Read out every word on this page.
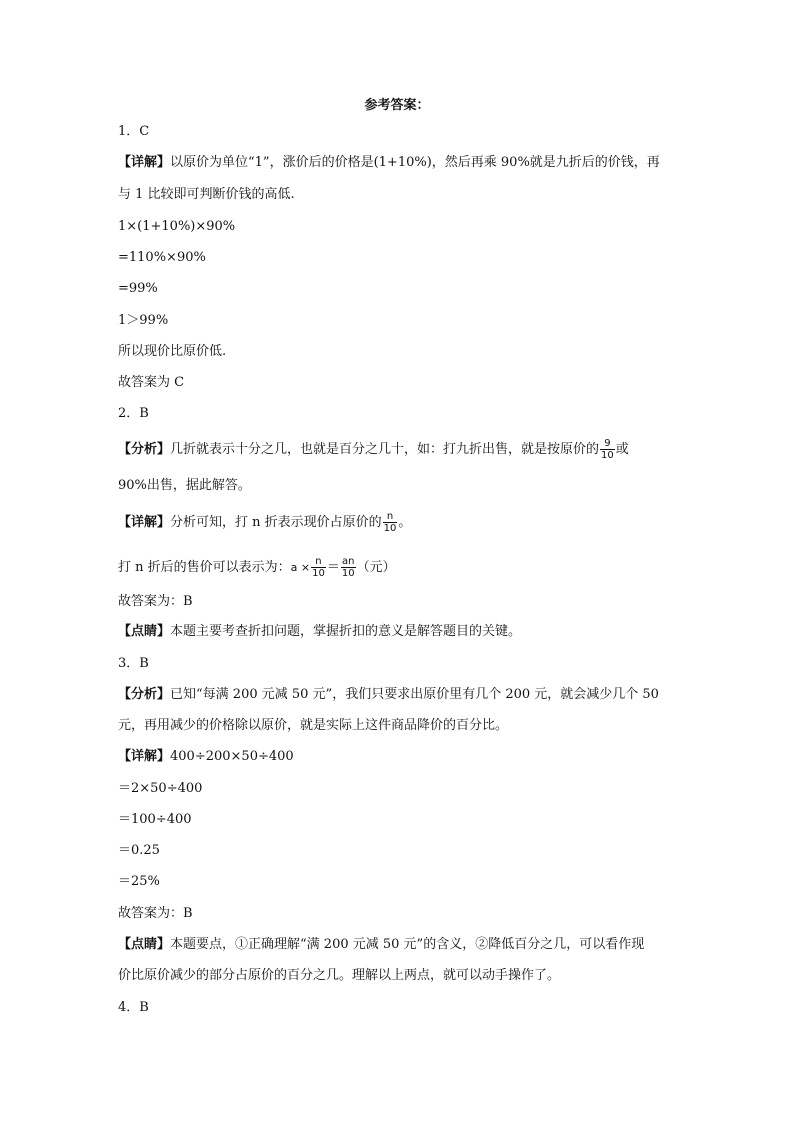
参考答案：
1．C
【详解】以原价为单位“1”，涨价后的价格是(1+10%)，然后再乘 90%就是九折后的价钱，再
与 1 比较即可判断价钱的高低.
1×(1+10%)×90%
=110%×90%
=99%
1＞99%
所以现价比原价低.
故答案为 C
2．B
【分析】几折就表示十分之几，也就是百分之几十，如：打九折出售，就是按原价的 $\frac{9}{10}$ 或
90%出售，据此解答。
【详解】分析可知，打 n 折表示现价占原价的 $\frac{n}{10}$ 。
打 n 折后的售价可以表示为：$a \times \frac{n}{10} = \frac{an}{10}$ （元）
故答案为：B
【点睛】本题主要考查折扣问题，掌握折扣的意义是解答题目的关键。
3．B
【分析】已知“每满 200 元减 50 元”，我们只要求出原价里有几个 200 元，就会减少几个 50
元，再用减少的价格除以原价，就是实际上这件商品降价的百分比。
【详解】400÷200×50÷400
＝2×50÷400
＝100÷400
＝0.25
＝25%
故答案为：B
【点睛】本题要点，①正确理解“满 200 元减 50 元”的含义，②降低百分之几，可以看作现
价比原价减少的部分占原价的百分之几。理解以上两点，就可以动手操作了。
4．B
